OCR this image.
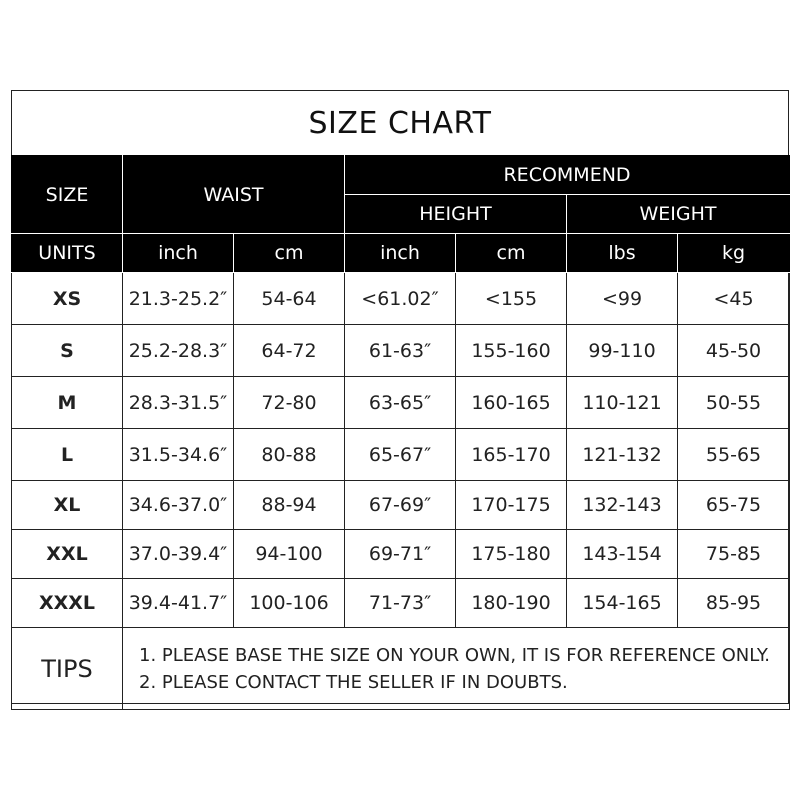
SIZE CHART
SIZE	WAIST		RECOMMEND			
			HEIGHT		WEIGHT	
UNITS	inch	cm	inch	cm	lbs	kg
XS	21.3-25.2″	54-64	<61.02″	<155	<99	<45
S	25.2-28.3″	64-72	61-63″	155-160	99-110	45-50
M	28.3-31.5″	72-80	63-65″	160-165	110-121	50-55
L	31.5-34.6″	80-88	65-67″	165-170	121-132	55-65
XL	34.6-37.0″	88-94	67-69″	170-175	132-143	65-75
XXL	37.0-39.4″	94-100	69-71″	175-180	143-154	75-85
XXXL	39.4-41.7″	100-106	71-73″	180-190	154-165	85-95
TIPS	1. PLEASE BASE THE SIZE ON YOUR OWN, IT IS FOR REFERENCE ONLY.
2. PLEASE CONTACT THE SELLER IF IN DOUBTS.					
